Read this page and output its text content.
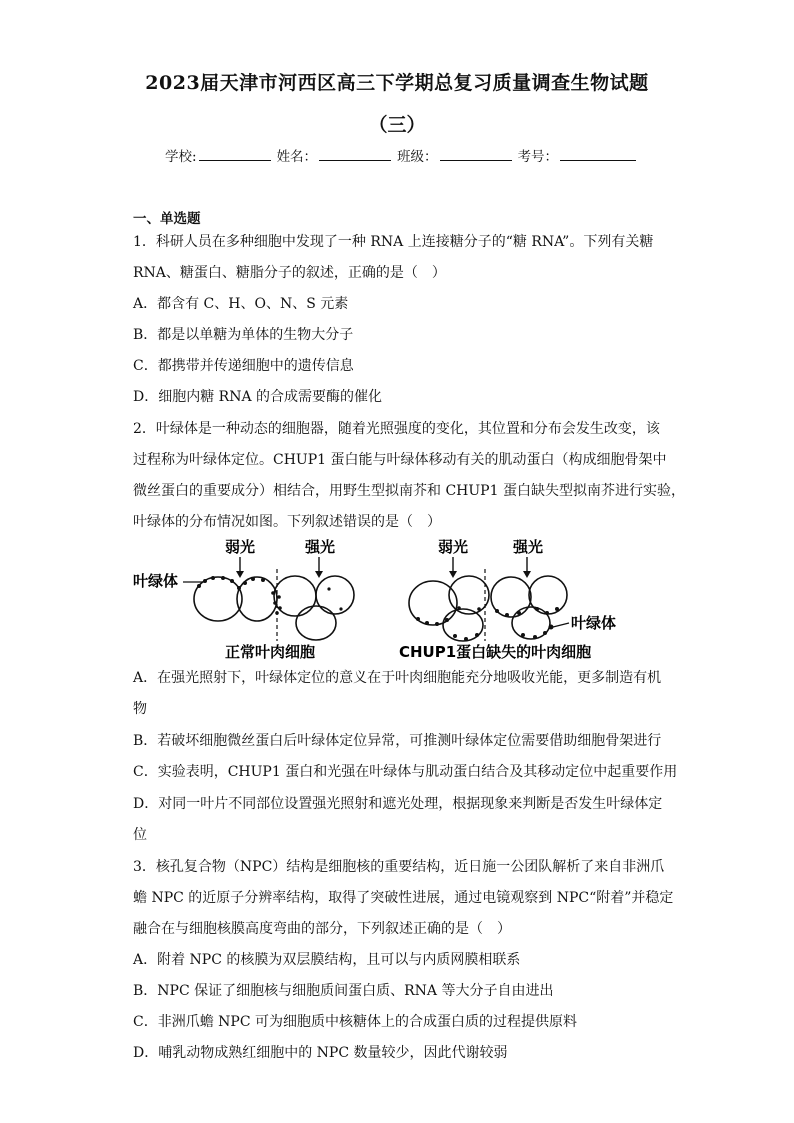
2023届天津市河西区高三下学期总复习质量调查生物试题
（三）
学校:	姓名：	班级：	考号：
一、单选题
1．科研人员在多种细胞中发现了一种 RNA 上连接糖分子的“糖 RNA”。下列有关糖
RNA、糖蛋白、糖脂分子的叙述，正确的是（　）
A．都含有 C、H、O、N、S 元素
B．都是以单糖为单体的生物大分子
C．都携带并传递细胞中的遗传信息
D．细胞内糖 RNA 的合成需要酶的催化
2．叶绿体是一种动态的细胞器，随着光照强度的变化，其位置和分布会发生改变，该
过程称为叶绿体定位。CHUP1 蛋白能与叶绿体移动有关的肌动蛋白（构成细胞骨架中
微丝蛋白的重要成分）相结合，用野生型拟南芥和 CHUP1 蛋白缺失型拟南芥进行实验，
叶绿体的分布情况如图。下列叙述错误的是（　）
弱光	强光
叶绿体
正常叶肉细胞
弱光	强光
叶绿体
CHUP1蛋白缺失的叶肉细胞
A．在强光照射下，叶绿体定位的意义在于叶肉细胞能充分地吸收光能，更多制造有机
物
B．若破坏细胞微丝蛋白后叶绿体定位异常，可推测叶绿体定位需要借助细胞骨架进行
C．实验表明，CHUP1 蛋白和光强在叶绿体与肌动蛋白结合及其移动定位中起重要作用
D．对同一叶片不同部位设置强光照射和遮光处理，根据现象来判断是否发生叶绿体定
位
3．核孔复合物（NPC）结构是细胞核的重要结构，近日施一公团队解析了来自非洲爪
蟾 NPC 的近原子分辨率结构，取得了突破性进展，通过电镜观察到 NPC“附着”并稳定
融合在与细胞核膜高度弯曲的部分，下列叙述正确的是（　）
A．附着 NPC 的核膜为双层膜结构，且可以与内质网膜相联系
B．NPC 保证了细胞核与细胞质间蛋白质、RNA 等大分子自由进出
C．非洲爪蟾 NPC 可为细胞质中核糖体上的合成蛋白质的过程提供原料
D．哺乳动物成熟红细胞中的 NPC 数量较少，因此代谢较弱
